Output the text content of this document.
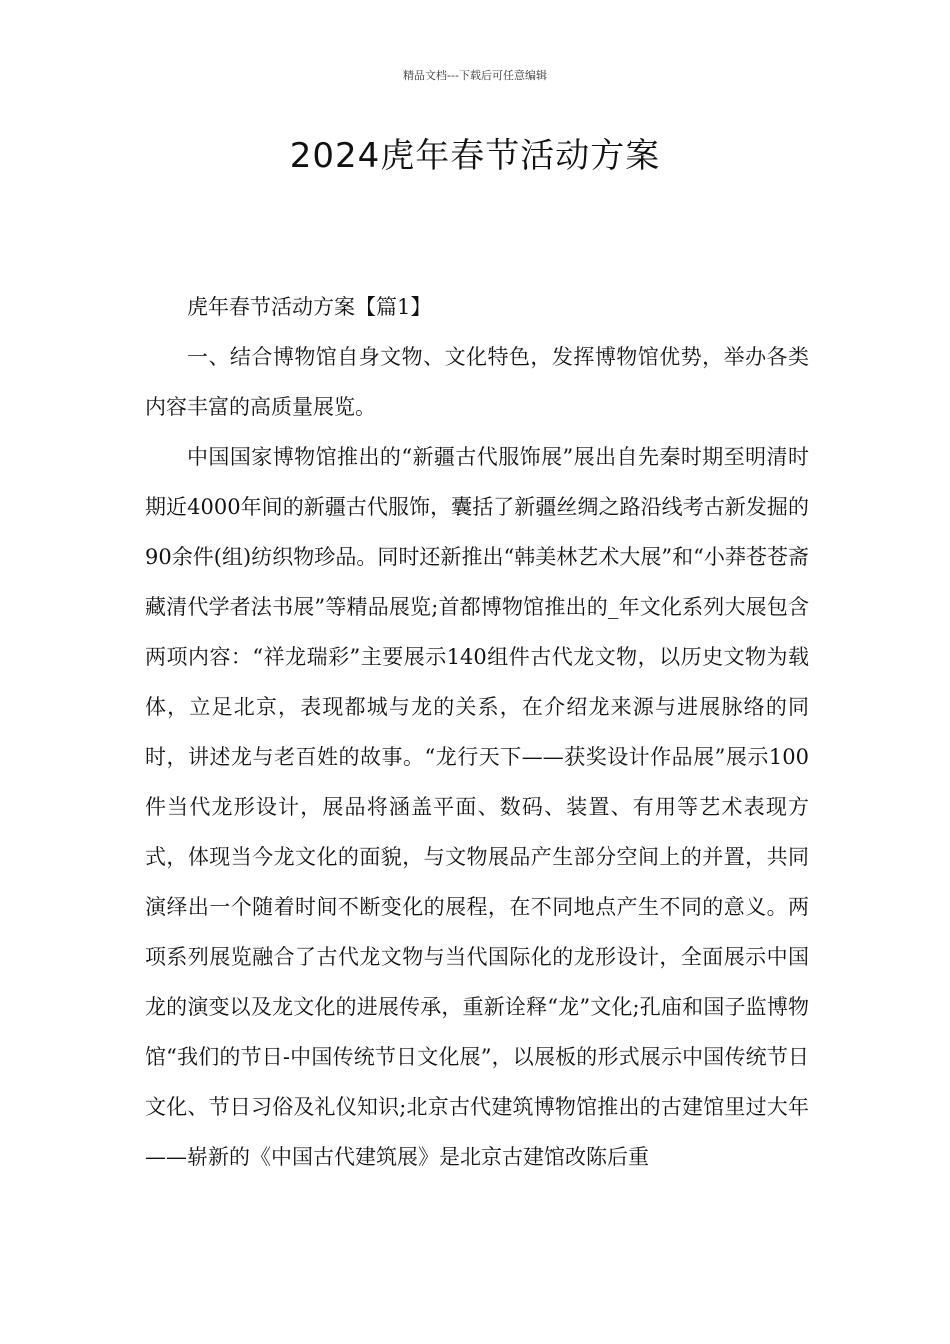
精品文档---下载后可任意编辑
2024虎年春节活动方案

虎年春节活动方案【篇1】

一、结合博物馆自身文物、文化特色，发挥博物馆优势，举办各类内容丰富的高质量展览。

中国国家博物馆推出的“新疆古代服饰展”展出自先秦时期至明清时期近4000年间的新疆古代服饰，囊括了新疆丝绸之路沿线考古新发掘的90余件(组)纺织物珍品。同时还新推出“韩美林艺术大展”和“小莽苍苍斋藏清代学者法书展”等精品展览;首都博物馆推出的_年文化系列大展包含两项内容：“祥龙瑞彩”主要展示140组件古代龙文物，以历史文物为载体，立足北京，表现都城与龙的关系，在介绍龙来源与进展脉络的同时，讲述龙与老百姓的故事。“龙行天下——获奖设计作品展”展示100件当代龙形设计，展品将涵盖平面、数码、装置、有用等艺术表现方式，体现当今龙文化的面貌，与文物展品产生部分空间上的并置，共同演绎出一个随着时间不断变化的展程，在不同地点产生不同的意义。两项系列展览融合了古代龙文物与当代国际化的龙形设计，全面展示中国龙的演变以及龙文化的进展传承，重新诠释“龙”文化;孔庙和国子监博物馆“我们的节日-中国传统节日文化展”，以展板的形式展示中国传统节日文化、节日习俗及礼仪知识;北京古代建筑博物馆推出的古建馆里过大年——崭新的《中国古代建筑展》是北京古建馆改陈后重
